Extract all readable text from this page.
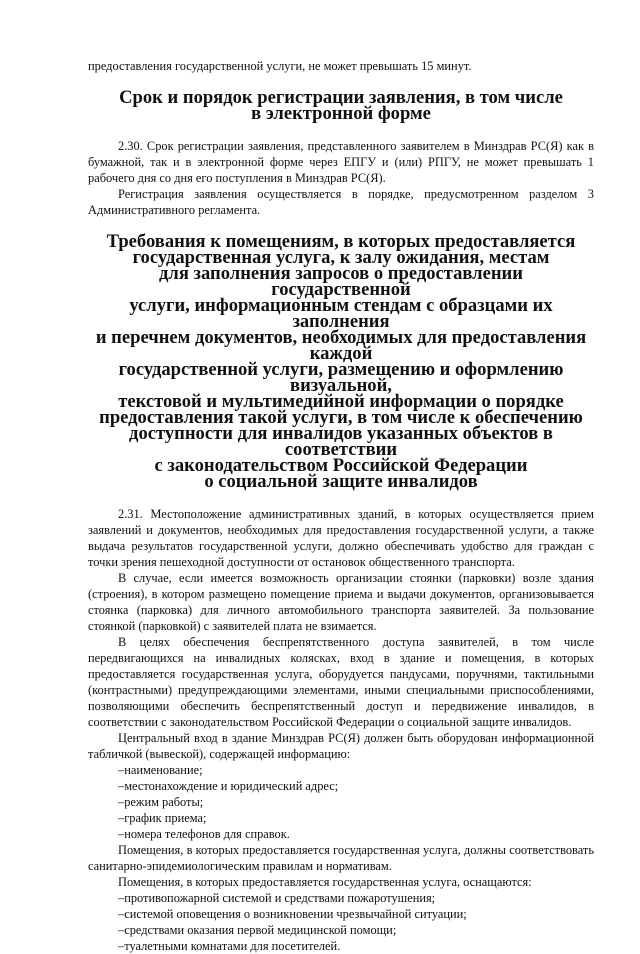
предоставления государственной услуги, не может превышать 15 минут.

Срок и порядок регистрации заявления, в том числе
в электронной форме

2.30. Срок регистрации заявления, представленного заявителем в Минздрав РС(Я) как в бумажной, так и в электронной форме через ЕПГУ и (или) РПГУ, не может превышать 1 рабочего дня со дня его поступления в Минздрав РС(Я).

Регистрация заявления осуществляется в порядке, предусмотренном разделом 3 Административного регламента.

Требования к помещениям, в которых предоставляется
государственная услуга, к залу ожидания, местам
для заполнения запросов о предоставлении государственной
услуги, информационным стендам с образцами их заполнения
и перечнем документов, необходимых для предоставления каждой
государственной услуги, размещению и оформлению визуальной,
текстовой и мультимедийной информации о порядке
предоставления такой услуги, в том числе к обеспечению
доступности для инвалидов указанных объектов в соответствии
с законодательством Российской Федерации
о социальной защите инвалидов

2.31. Местоположение административных зданий, в которых осуществляется прием заявлений и документов, необходимых для предоставления государственной услуги, а также выдача результатов государственной услуги, должно обеспечивать удобство для граждан с точки зрения пешеходной доступности от остановок общественного транспорта.

В случае, если имеется возможность организации стоянки (парковки) возле здания (строения), в котором размещено помещение приема и выдачи документов, организовывается стоянка (парковка) для личного автомобильного транспорта заявителей. За пользование стоянкой (парковкой) с заявителей плата не взимается.

В целях обеспечения беспрепятственного доступа заявителей, в том числе передвигающихся на инвалидных колясках, вход в здание и помещения, в которых предоставляется государственная услуга, оборудуется пандусами, поручнями, тактильными (контрастными) предупреждающими элементами, иными специальными приспособлениями, позволяющими обеспечить беспрепятственный доступ и передвижение инвалидов, в соответствии с законодательством Российской Федерации о социальной защите инвалидов.

Центральный вход в здание Минздрав РС(Я) должен быть оборудован информационной табличкой (вывеской), содержащей информацию:

–наименование;

–местонахождение и юридический адрес;

–режим работы;

–график приема;

–номера телефонов для справок.

Помещения, в которых предоставляется государственная услуга, должны соответствовать санитарно-эпидемиологическим правилам и нормативам.

Помещения, в которых предоставляется государственная услуга, оснащаются:

–противопожарной системой и средствами пожаротушения;

–системой оповещения о возникновении чрезвычайной ситуации;

–средствами оказания первой медицинской помощи;

–туалетными комнатами для посетителей.
